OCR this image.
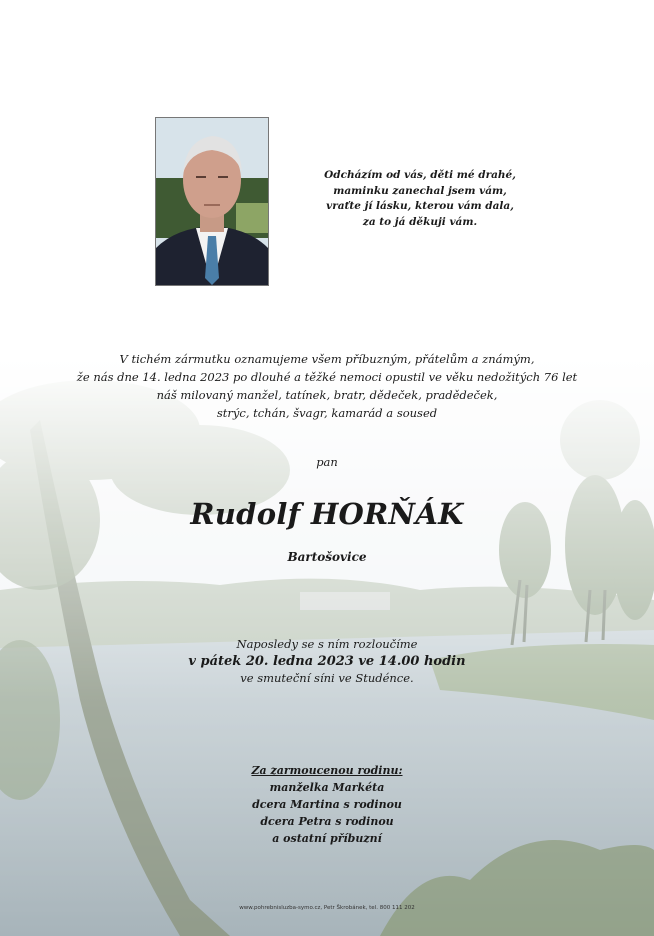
Odcházím od vás, děti mé drahé,
maminku zanechal jsem vám,
vraťte jí lásku, kterou vám dala,
za to já děkuji vám.
V tichém zármutku oznamujeme všem příbuzným, přátelům a známým,
že nás dne 14. ledna 2023 po dlouhé a těžké nemoci opustil ve věku nedožitých 76 let
náš milovaný manžel, tatínek, bratr, dědeček, pradědeček,
strýc, tchán, švagr, kamarád a soused
pan
Rudolf HORŇÁK
Bartošovice
Naposledy se s ním rozloučíme
v pátek 20. ledna 2023 ve 14.00 hodin
ve smuteční síni ve Studénce.
Za zarmoucenou rodinu:
manželka Markéta
dcera Martina s rodinou
dcera Petra s rodinou
a ostatní příbuzní
www.pohrebnisluzba-symo.cz, Petr Škrobánek, tel. 800 111 202
